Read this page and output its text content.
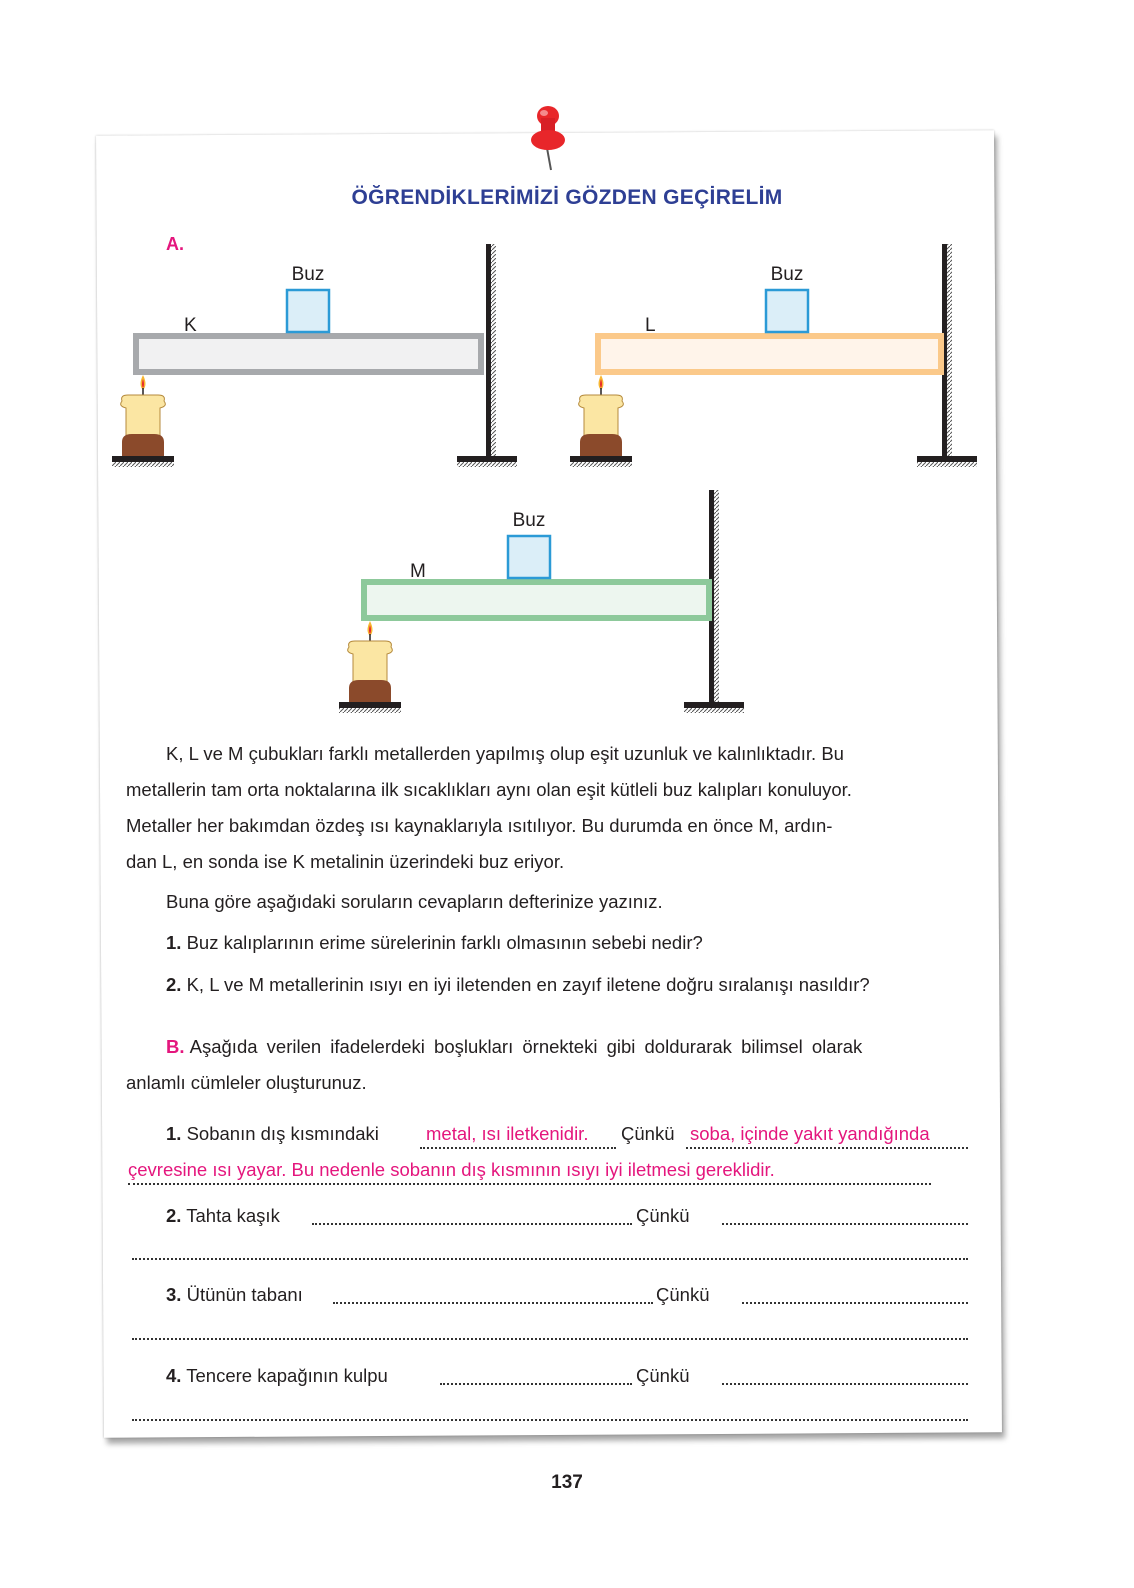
ÖĞRENDİKLERİMİZİ GÖZDEN GEÇİRELİM
A.
Buz
K
Buz
L
Buz
M
K, L ve M çubukları farklı metallerden yapılmış olup eşit uzunluk ve kalınlıktadır. Bu
metallerin tam orta noktalarına ilk sıcaklıkları aynı olan eşit kütleli buz kalıpları konuluyor.
Metaller her bakımdan özdeş ısı kaynaklarıyla ısıtılıyor. Bu durumda en önce M, ardın-
dan L, en sonda ise K metalinin üzerindeki buz eriyor.
Buna göre aşağıdaki soruların cevapların defterinize yazınız.
1. Buz kalıplarının erime sürelerinin farklı olmasının sebebi nedir?
2. K, L ve M metallerinin ısıyı en iyi iletenden en zayıf iletene doğru sıralanışı nasıldır?
B. Aşağıda verilen ifadelerdeki boşlukları örnekteki gibi doldurarak bilimsel olarak
anlamlı cümleler oluşturunuz.
1. Sobanın dış kısmındaki	metal, ısı iletkenidir. Çünkü soba, içinde yakıt yandığında
çevresine ısı yayar. Bu nedenle sobanın dış kısmının ısıyı iyi iletmesi gereklidir.
2. Tahta kaşık	Çünkü
3. Ütünün tabanı	Çünkü
4. Tencere kapağının kulpu	Çünkü
137
